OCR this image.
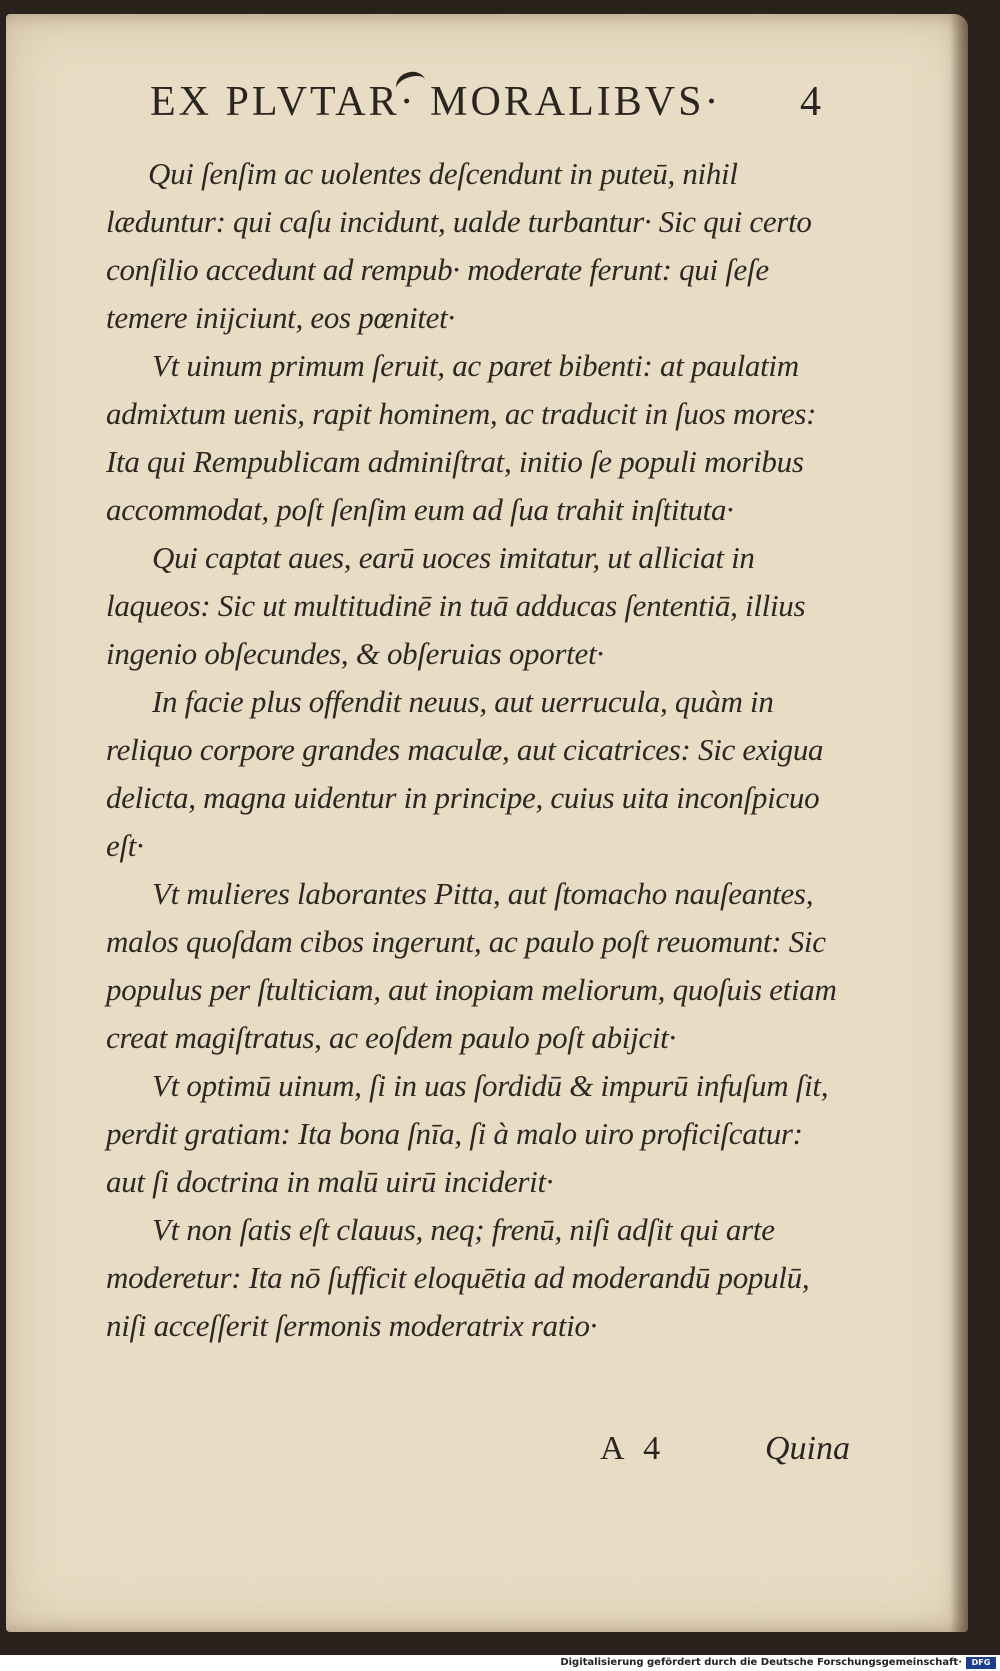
EX PLVTAR· MORALIBVS· 4

Qui ſenſim ac uolentes deſcendunt in puteū, nihil læduntur: qui caſu incidunt, ualde turbantur· Sic qui certo conſilio accedunt ad rempub· moderate ferunt: qui ſeſe temere inijciunt, eos pœnitet·

Vt uinum primum ſeruit, ac paret bibenti: at paulatim admixtum uenis, rapit hominem, ac traducit in ſuos mores: Ita qui Rempublicam adminiſtrat, initio ſe populi moribus accommodat, poſt ſenſim eum ad ſua trahit inſtituta·

Qui captat aues, earū uoces imitatur, ut alliciat in laqueos: Sic ut multitudinē in tuā adducas ſententiā, illius ingenio obſecundes, & obſeruias oportet·

In facie plus offendit neuus, aut uerrucula, quàm in reliquo corpore grandes maculæ, aut cicatrices: Sic exigua delicta, magna uidentur in principe, cuius uita inconſpicuo eſt·

Vt mulieres laborantes Pitta, aut ſtomacho nauſeantes, malos quoſdam cibos ingerunt, ac paulo poſt reuomunt: Sic populus per ſtulticiam, aut inopiam meliorum, quoſuis etiam creat magiſtratus, ac eoſdem paulo poſt abijcit·

Vt optimū uinum, ſi in uas ſordidū & impurū infuſum ſit, perdit gratiam: Ita bona ſnīa, ſi à malo uiro proficiſcatur: aut ſi doctrina in malū uirū inciderit·

Vt non ſatis eſt clauus, neq; frenū, niſi adſit qui arte moderetur: Ita nō ſufficit eloquētia ad moderandū populū, niſi acceſſerit ſermonis moderatrix ratio·

A 4	Quina
Digitalisierung gefördert durch die Deutsche Forschungsgemeinschaft·	DFG
